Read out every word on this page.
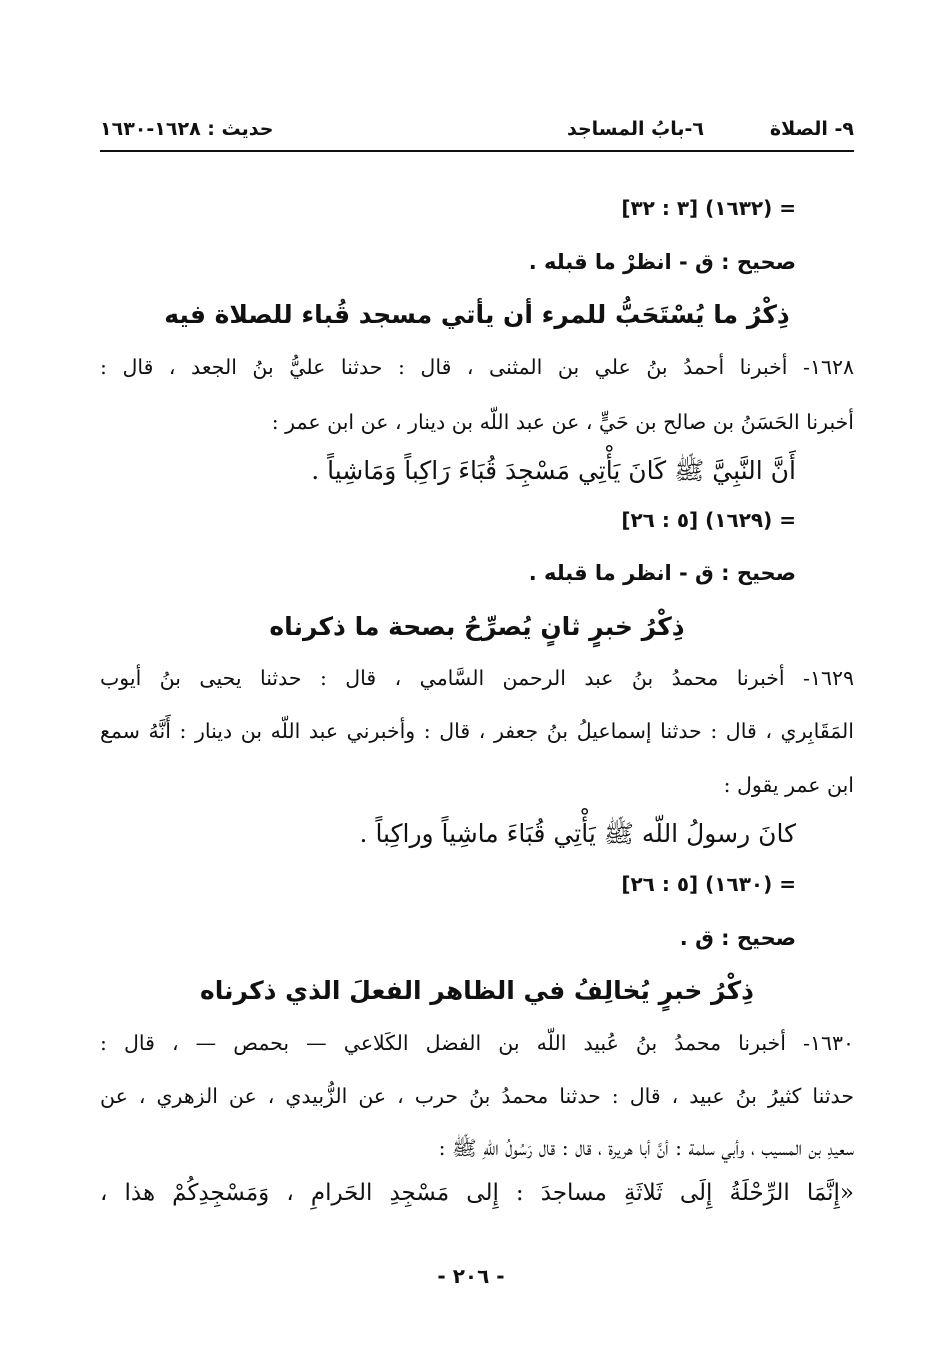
٩- الصلاة
٦-بابُ المساجد
حديث : ١٦٢٨-١٦٣٠
= (١٦٣٢) [٣ : ٣٢]
صحيح : ق - انظرْ ما قبله .
ذِكْرُ ما يُسْتَحَبُّ للمرء أن يأتي مسجد قُباء للصلاة فيه
١٦٢٨- أخبرنا أحمدُ بنُ علي بن المثنى ، قال : حدثنا عليُّ بنُ الجعد ، قال :
أخبرنا الحَسَنُ بن صالح بن حَيٍّ ، عن عبد اللّه بن دينار ، عن ابن عمر :
أَنَّ النَّبِيَّ ﷺ كَانَ يَأْتِي مَسْجِدَ قُبَاءَ رَاكِباً وَمَاشِياً .
= (١٦٢٩) [٥ : ٢٦]
صحيح : ق - انظر ما قبله .
ذِكْرُ خبرٍ ثانٍ يُصرِّحُ بصحة ما ذكرناه
١٦٢٩- أخبرنا محمدُ بنُ عبد الرحمن السَّامي ، قال : حدثنا يحيى بنُ أيوب
المَقَابِري ، قال : حدثنا إسماعيلُ بنُ جعفر ، قال : وأخبرني عبد اللّه بن دينار : أَنَّهُ سمع
ابن عمر يقول :
كانَ رسولُ اللّه ﷺ يَأْتِي قُبَاءَ ماشِياً وراكِباً .
= (١٦٣٠) [٥ : ٢٦]
صحيح : ق .
ذِكْرُ خبرٍ يُخالِفُ في الظاهر الفعلَ الذي ذكرناه
١٦٣٠- أخبرنا محمدُ بنُ عُبيد اللّه بن الفضل الكَلاعي — بحمص — ، قال :
حدثنا كثيرُ بنُ عبيد ، قال : حدثنا محمدُ بنُ حرب ، عن الزُّبيدي ، عن الزهري ، عن
سعيدِ بن المسيب ، وأبي سلمة : أنَّ أبا هريرة ، قال : قال رَسُولُ اللّهِ ﷺ :
«إِنَّمَا الرِّحْلَةُ إِلَى ثَلاثَةِ مساجدَ : إِلى مَسْجِدِ الحَرامِ ، وَمَسْجِدِكُمْ هذا ،
- ٢٠٦ -
